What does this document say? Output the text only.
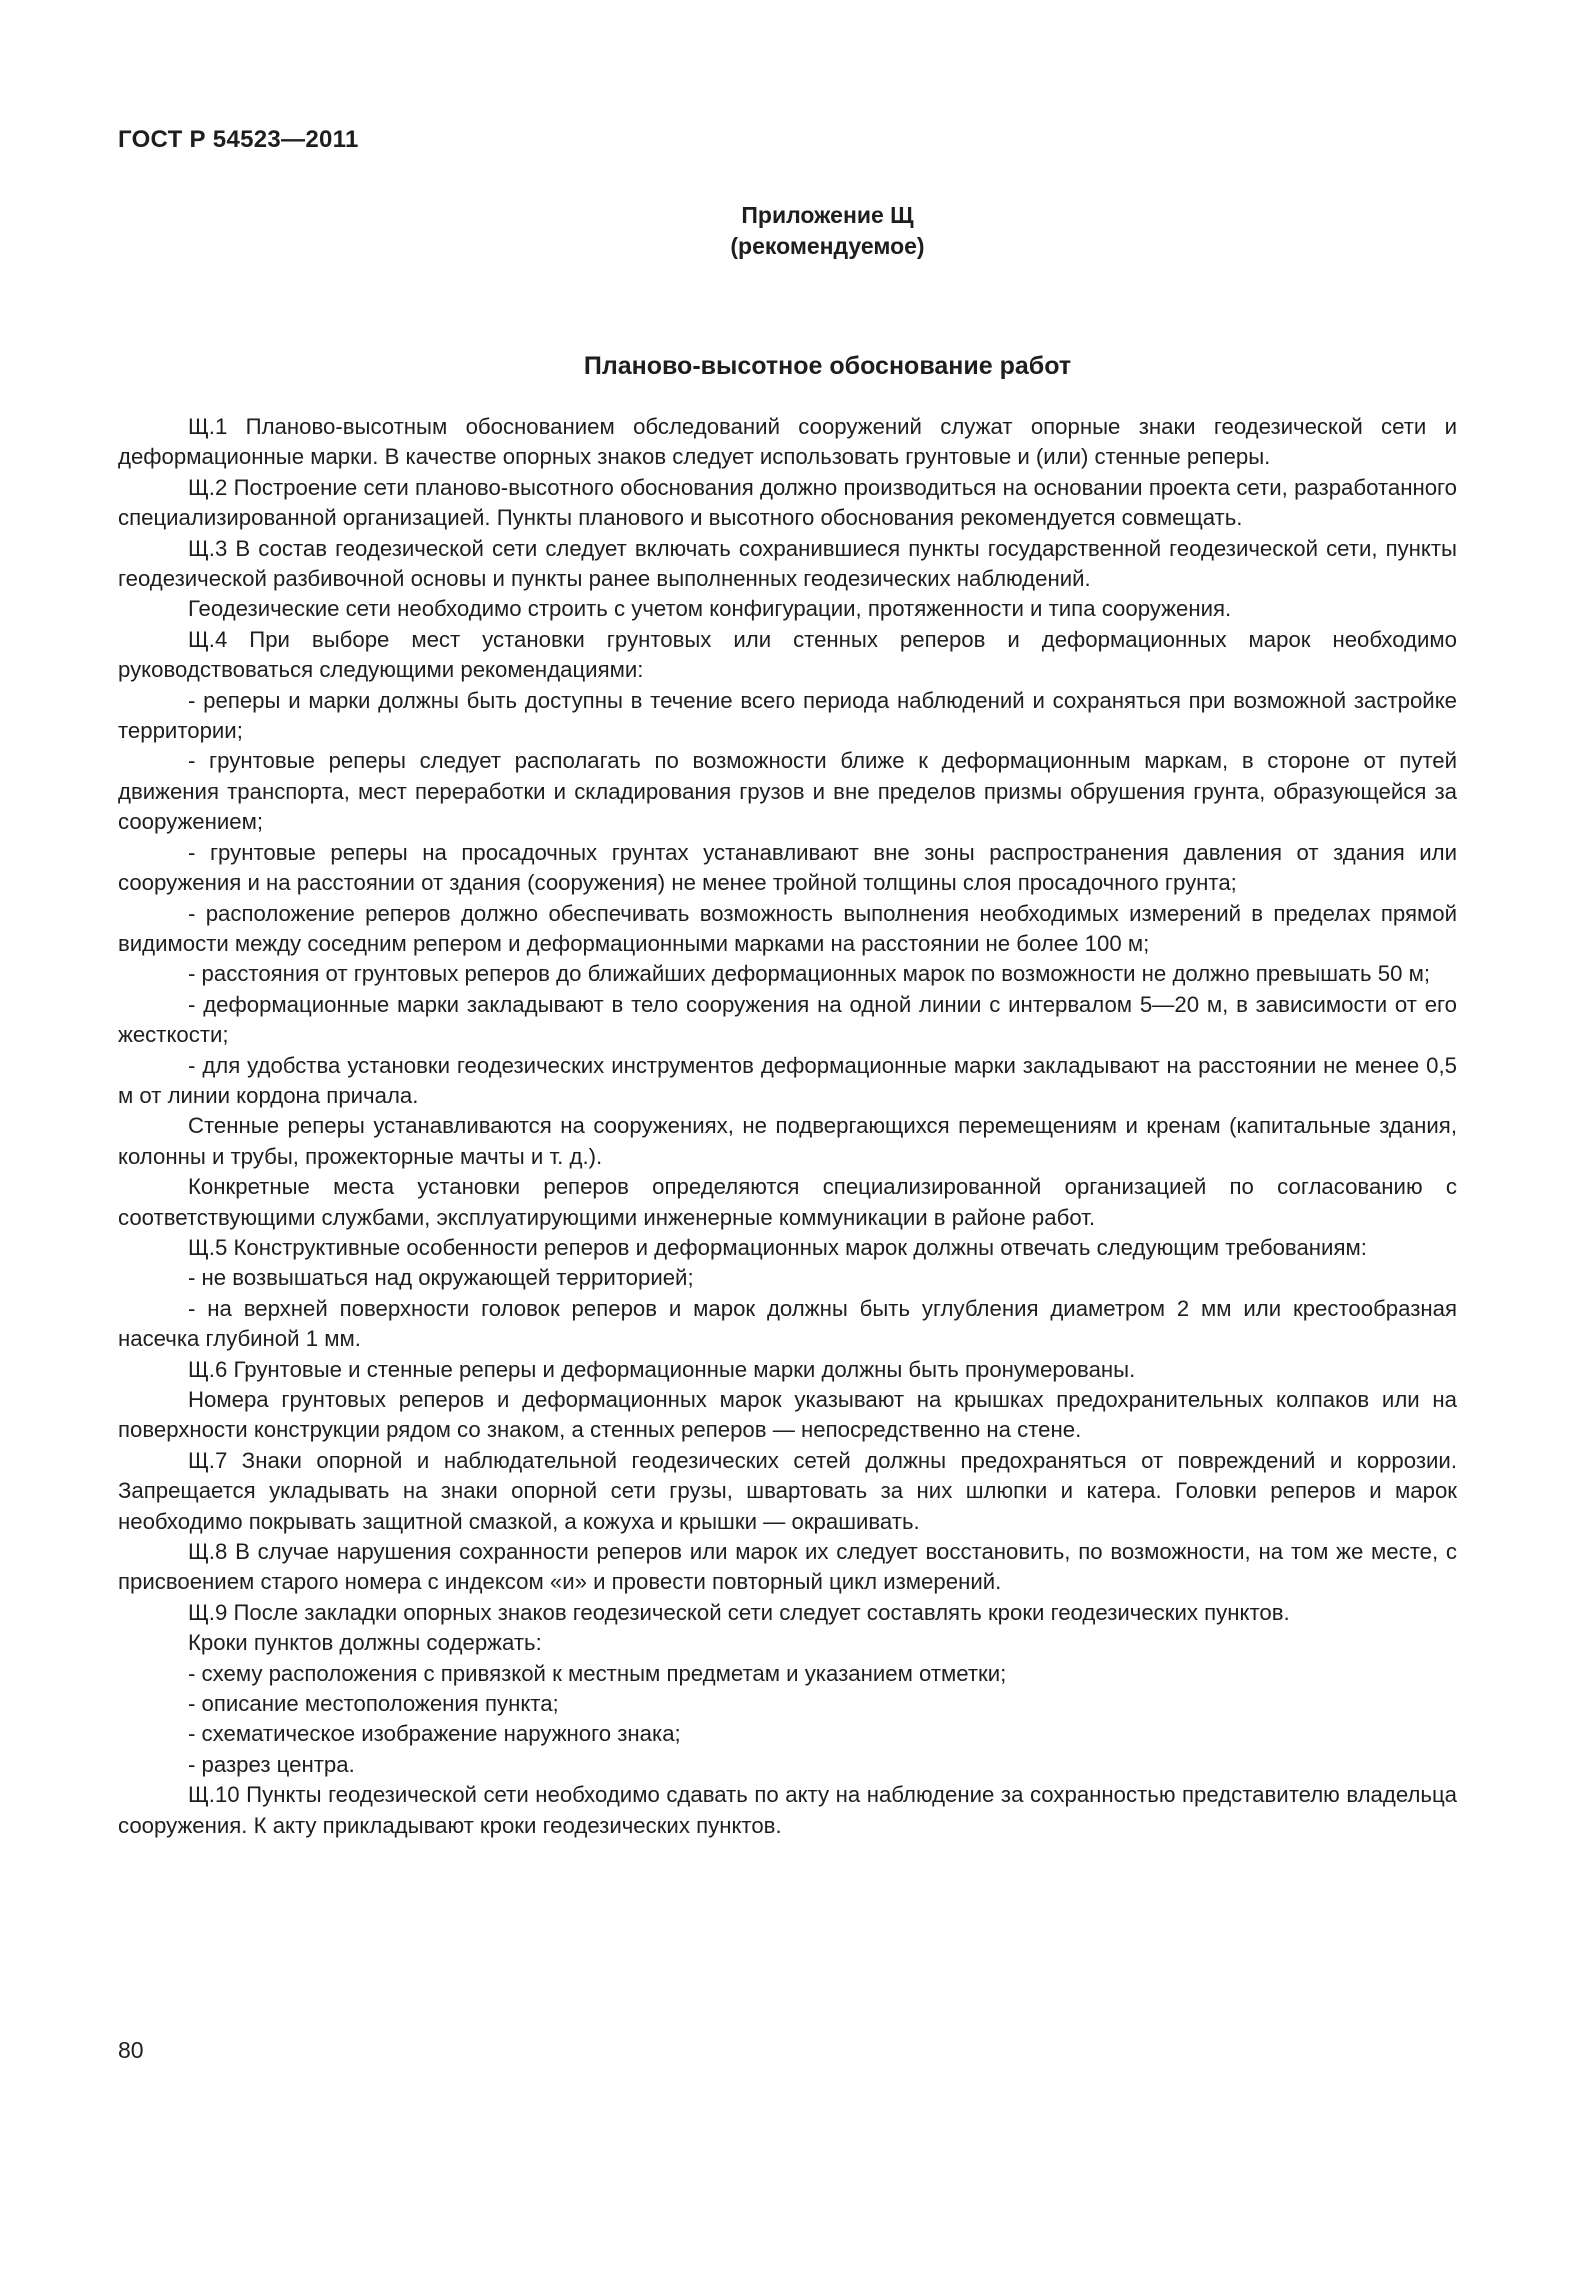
ГОСТ Р 54523—2011
Приложение Щ
(рекомендуемое)
Планово-высотное обоснование работ

Щ.1 Планово-высотным обоснованием обследований сооружений служат опорные знаки геодезической сети и деформационные марки. В качестве опорных знаков следует использовать грунтовые и (или) стенные реперы.

Щ.2 Построение сети планово-высотного обоснования должно производиться на основании проекта сети, разработанного специализированной организацией. Пункты планового и высотного обоснования рекомендуется совмещать.

Щ.3 В состав геодезической сети следует включать сохранившиеся пункты государственной геодезической сети, пункты геодезической разбивочной основы и пункты ранее выполненных геодезических наблюдений.

Геодезические сети необходимо строить с учетом конфигурации, протяженности и типа сооружения.

Щ.4 При выборе мест установки грунтовых или стенных реперов и деформационных марок необходимо руководствоваться следующими рекомендациями:

- реперы и марки должны быть доступны в течение всего периода наблюдений и сохраняться при возможной застройке территории;

- грунтовые реперы следует располагать по возможности ближе к деформационным маркам, в стороне от путей движения транспорта, мест переработки и складирования грузов и вне пределов призмы обрушения грунта, образующейся за сооружением;

- грунтовые реперы на просадочных грунтах устанавливают вне зоны распространения давления от здания или сооружения и на расстоянии от здания (сооружения) не менее тройной толщины слоя просадочного грунта;

- расположение реперов должно обеспечивать возможность выполнения необходимых измерений в пределах прямой видимости между соседним репером и деформационными марками на расстоянии не более 100 м;

- расстояния от грунтовых реперов до ближайших деформационных марок по возможности не должно превышать 50 м;

- деформационные марки закладывают в тело сооружения на одной линии с интервалом 5—20 м, в зависимости от его жесткости;

- для удобства установки геодезических инструментов деформационные марки закладывают на расстоянии не менее 0,5 м от линии кордона причала.

Стенные реперы устанавливаются на сооружениях, не подвергающихся перемещениям и кренам (капитальные здания, колонны и трубы, прожекторные мачты и т. д.).

Конкретные места установки реперов определяются специализированной организацией по согласованию с соответствующими службами, эксплуатирующими инженерные коммуникации в районе работ.

Щ.5 Конструктивные особенности реперов и деформационных марок должны отвечать следующим требованиям:

- не возвышаться над окружающей территорией;

- на верхней поверхности головок реперов и марок должны быть углубления диаметром 2 мм или крестообразная насечка глубиной 1 мм.

Щ.6 Грунтовые и стенные реперы и деформационные марки должны быть пронумерованы.

Номера грунтовых реперов и деформационных марок указывают на крышках предохранительных колпаков или на поверхности конструкции рядом со знаком, а стенных реперов — непосредственно на стене.

Щ.7 Знаки опорной и наблюдательной геодезических сетей должны предохраняться от повреждений и коррозии. Запрещается укладывать на знаки опорной сети грузы, швартовать за них шлюпки и катера. Головки реперов и марок необходимо покрывать защитной смазкой, а кожуха и крышки — окрашивать.

Щ.8 В случае нарушения сохранности реперов или марок их следует восстановить, по возможности, на том же месте, с присвоением старого номера с индексом «и» и провести повторный цикл измерений.

Щ.9 После закладки опорных знаков геодезической сети следует составлять кроки геодезических пунктов.

Кроки пунктов должны содержать:

- схему расположения с привязкой к местным предметам и указанием отметки;

- описание местоположения пункта;

- схематическое изображение наружного знака;

- разрез центра.

Щ.10 Пункты геодезической сети необходимо сдавать по акту на наблюдение за сохранностью представителю владельца сооружения. К акту прикладывают кроки геодезических пунктов.

80
